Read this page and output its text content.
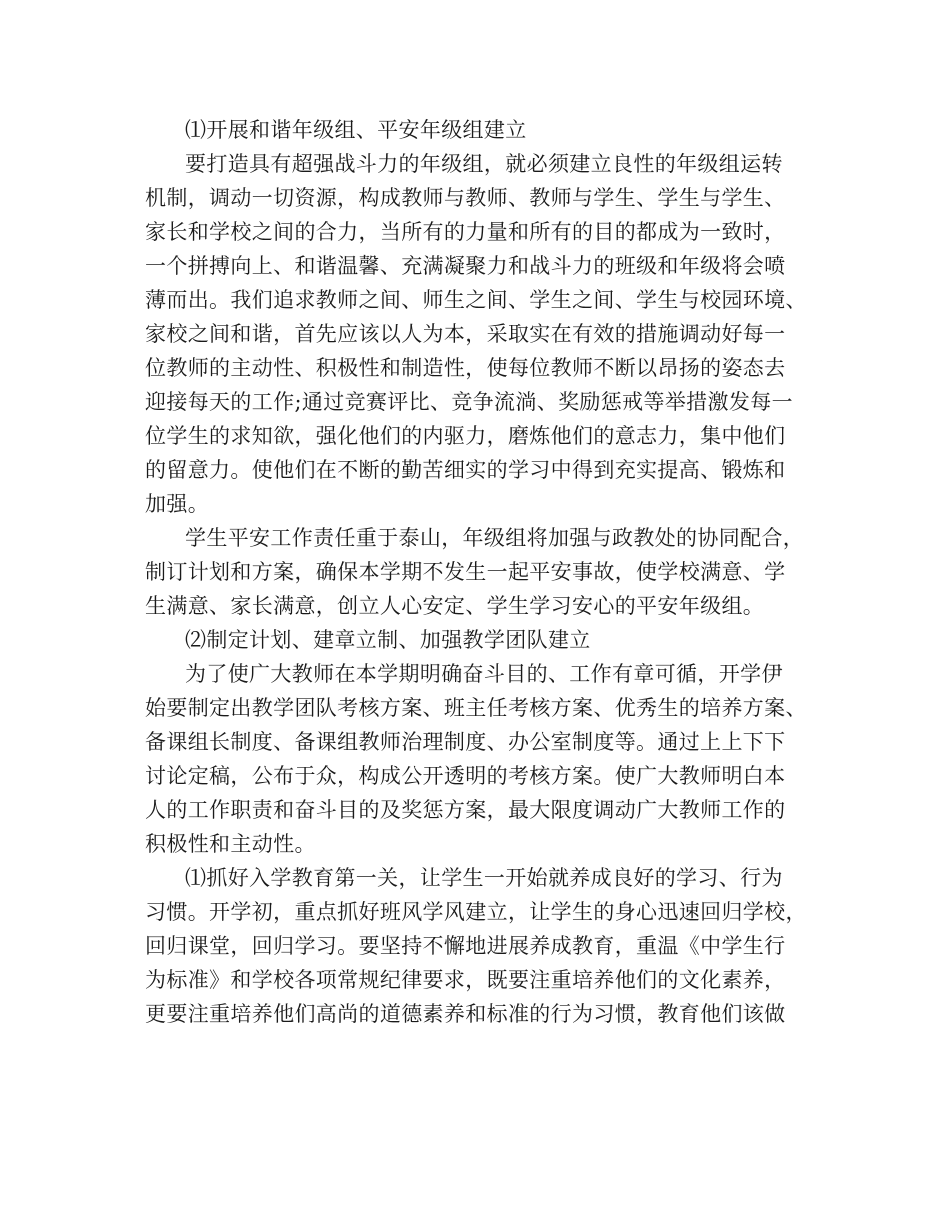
⑴开展和谐年级组、平安年级组建立
要打造具有超强战斗力的年级组，就必须建立良性的年级组运转
机制，调动一切资源，构成教师与教师、教师与学生、学生与学生、
家长和学校之间的合力，当所有的力量和所有的目的都成为一致时，
一个拼搏向上、和谐温馨、充满凝聚力和战斗力的班级和年级将会喷
薄而出。我们追求教师之间、师生之间、学生之间、学生与校园环境、
家校之间和谐，首先应该以人为本，采取实在有效的措施调动好每一
位教师的主动性、积极性和制造性，使每位教师不断以昂扬的姿态去
迎接每天的工作;通过竞赛评比、竞争流淌、奖励惩戒等举措激发每一
位学生的求知欲，强化他们的内驱力，磨炼他们的意志力，集中他们
的留意力。使他们在不断的勤苦细实的学习中得到充实提高、锻炼和
加强。
学生平安工作责任重于泰山，年级组将加强与政教处的协同配合，
制订计划和方案，确保本学期不发生一起平安事故，使学校满意、学
生满意、家长满意，创立人心安定、学生学习安心的平安年级组。
⑵制定计划、建章立制、加强教学团队建立
为了使广大教师在本学期明确奋斗目的、工作有章可循，开学伊
始要制定出教学团队考核方案、班主任考核方案、优秀生的培养方案、
备课组长制度、备课组教师治理制度、办公室制度等。通过上上下下
讨论定稿，公布于众，构成公开透明的考核方案。使广大教师明白本
人的工作职责和奋斗目的及奖惩方案，最大限度调动广大教师工作的
积极性和主动性。
⑴抓好入学教育第一关，让学生一开始就养成良好的学习、行为
习惯。开学初，重点抓好班风学风建立，让学生的身心迅速回归学校，
回归课堂，回归学习。要坚持不懈地进展养成教育，重温《中学生行
为标准》和学校各项常规纪律要求，既要注重培养他们的文化素养，
更要注重培养他们高尚的道德素养和标准的行为习惯，教育他们该做
